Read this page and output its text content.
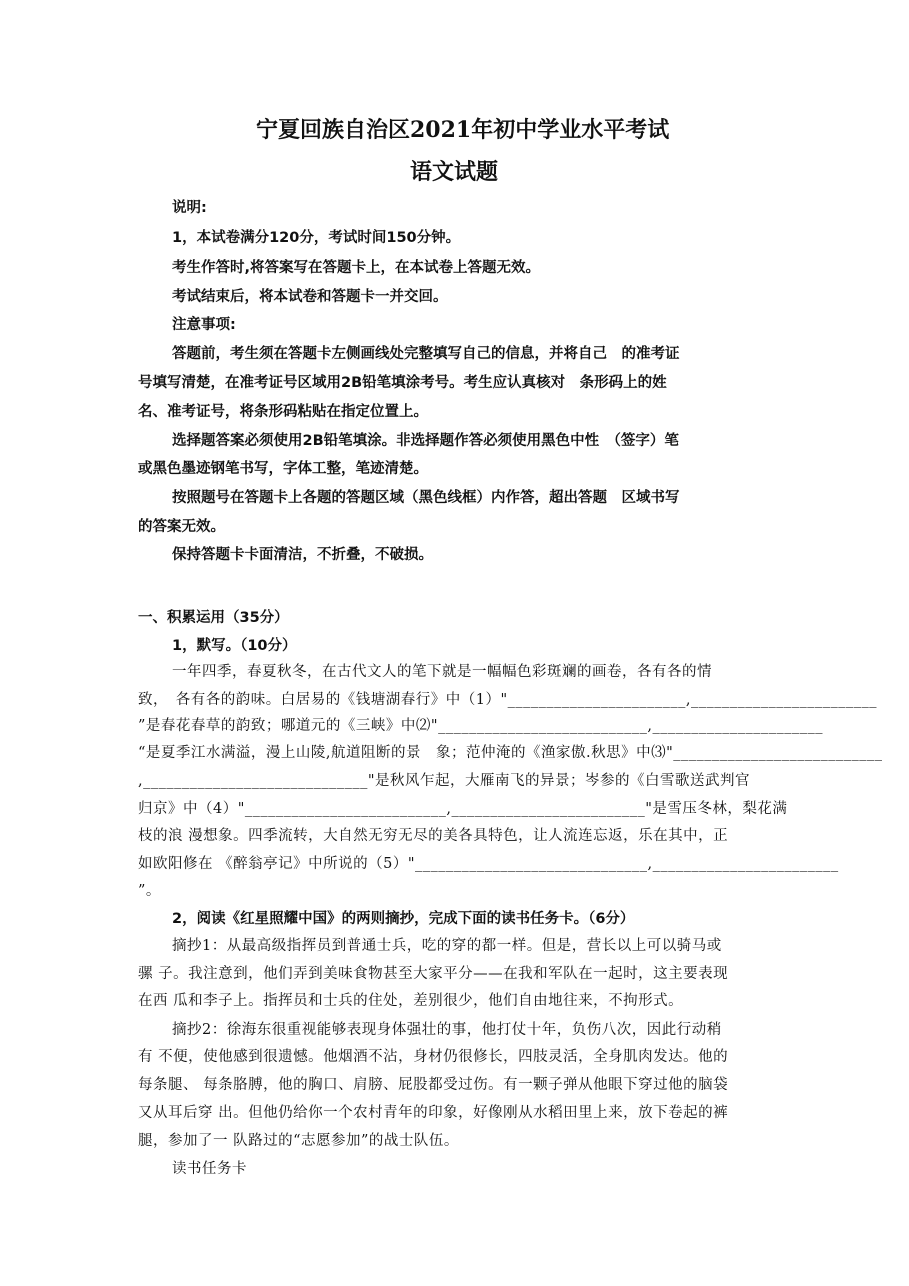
宁夏回族自治区2021年初中学业水平考试
语文试题
说明:
1，本试卷满分120分，考试时间150分钟。
考生作答时,将答案写在答题卡上，在本试卷上答题无效。
考试结束后，将本试卷和答题卡一并交回。
注意事项:
答题前，考生须在答题卡左侧画线处完整填写自己的信息，并将自己　的准考证
号填写清楚，在准考证号区域用2B铅笔填涂考号。考生应认真核对　条形码上的姓
名、准考证号，将条形码粘贴在指定位置上。
选择题答案必须使用2B铅笔填涂。非选择题作答必须使用黑色中性　（签字）笔
或黑色墨迹钢笔书写，字体工整，笔迹清楚。
按照题号在答题卡上各题的答题区域（黑色线框）内作答，超出答题　区域书写
的答案无效。
保持答题卡卡面清洁，不折叠，不破损。
一、积累运用（35分）
1，默写。（10分）
一年四季，春夏秋冬，在古代文人的笔下就是一幅幅色彩斑斓的画卷，各有各的情
致，　各有各的韵味。白居易的《钱塘湖春行》中（1）"_______________________,________________________
”是春花春草的韵致；哪道元的《三峡》中⑵"___________________________,______________________
“是夏季江水满溢，漫上山陵,航道阻断的景　象；范仲淹的《渔家傲.秋思》中⑶"___________________________
,_____________________________"是秋风乍起，大雁南飞的异景；岑参的《白雪歌送武判官
归京》中（4）"__________________________,_________________________"是雪压冬林，梨花满
枝的浪 漫想象。四季流转，大自然无穷无尽的美各具特色，让人流连忘返，乐在其中，正
如欧阳修在 《醉翁亭记》中所说的（5）"______________________________,________________________
”。
2，阅读《红星照耀中国》的两则摘抄，完成下面的读书任务卡。（6分）
摘抄1：从最高级指挥员到普通士兵，吃的穿的都一样。但是，营长以上可以骑马或
骡 子。我注意到，他们弄到美味食物甚至大家平分——在我和军队在一起时，这主要表现
在西 瓜和李子上。指挥员和士兵的住处，差别很少，他们自由地往来，不拘形式。
摘抄2：徐海东很重视能够表现身体强壮的事，他打仗十年，负伤八次，因此行动稍
有 不便，使他感到很遗憾。他烟酒不沾，身材仍很修长，四肢灵活，全身肌肉发达。他的
每条腿、 每条胳膊，他的胸口、肩膀、屁股都受过伤。有一颗子弹从他眼下穿过他的脑袋
又从耳后穿 出。但他仍给你一个农村青年的印象，好像刚从水稻田里上来，放下卷起的裤
腿，参加了一 队路过的“志愿参加”的战士队伍。
读书任务卡
